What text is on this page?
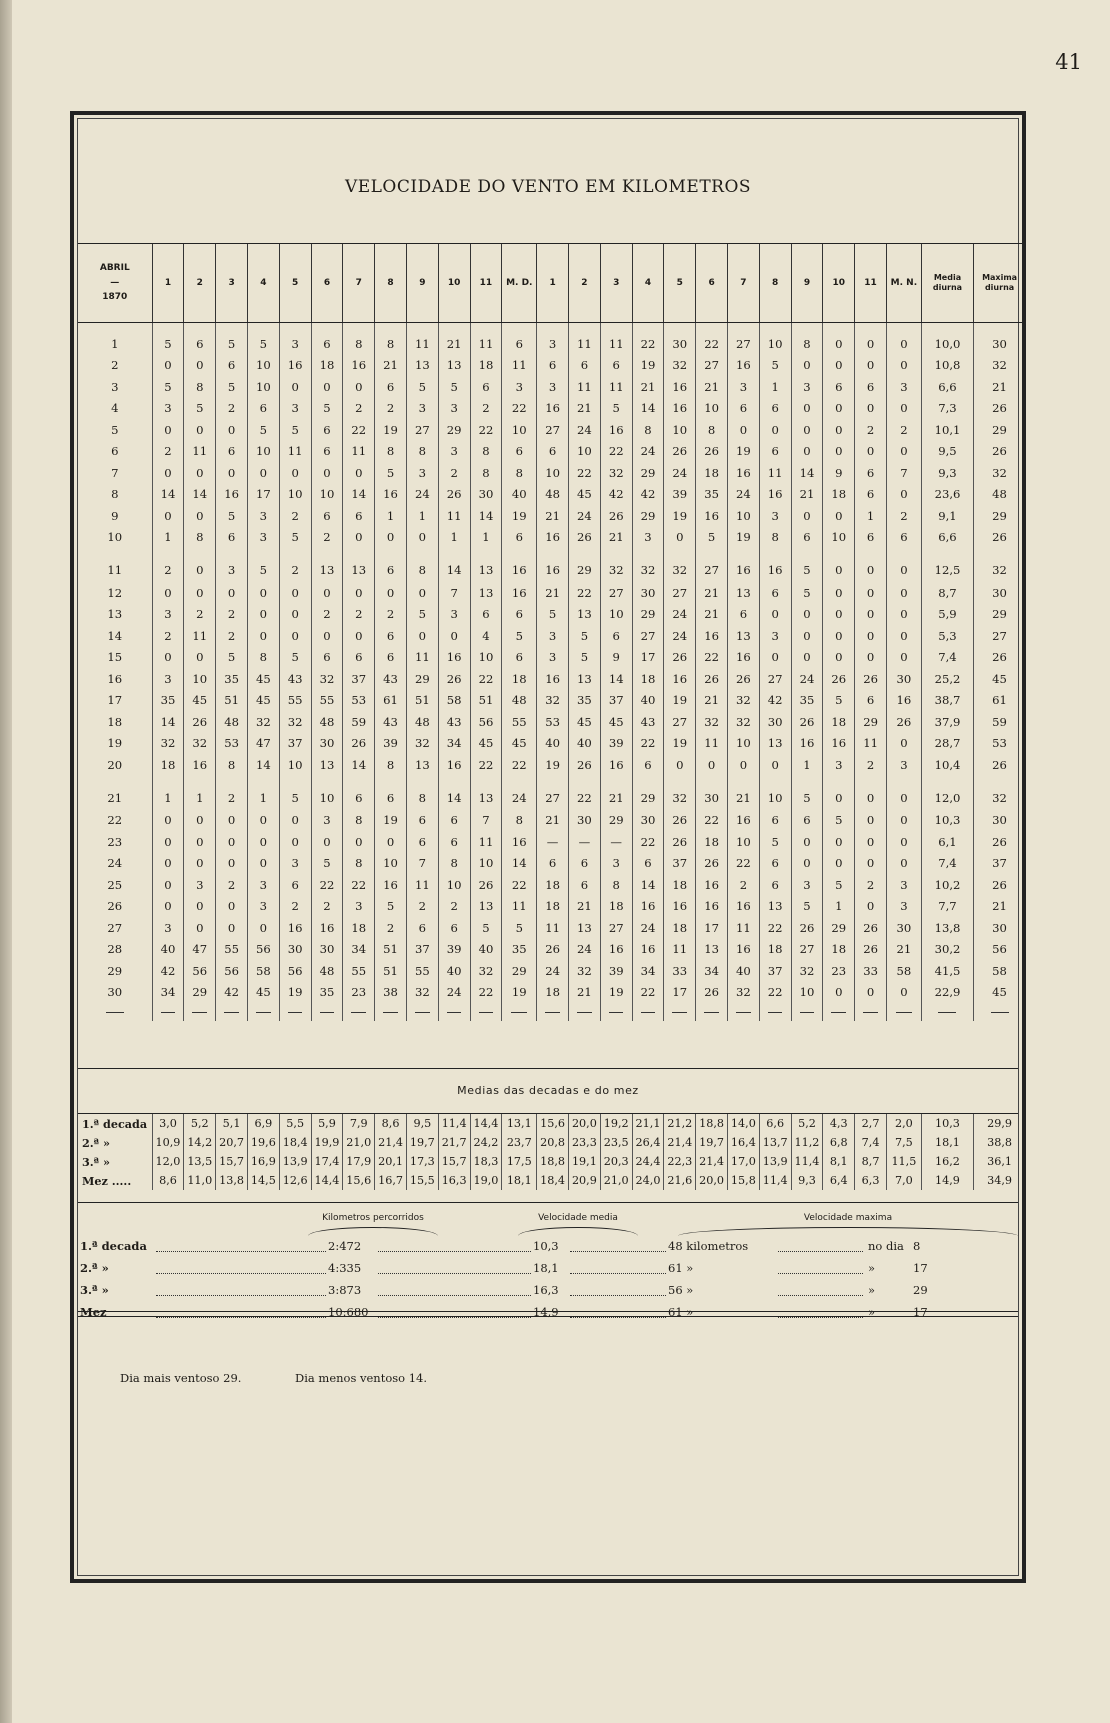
41
VELOCIDADE DO VENTO EM KILOMETROS
ABRIL
—
1870	1	2	3	4	5	6	7	8	9	10	11	M. D.	1	2	3	4	5	6	7	8	9	10	11	M. N.	Media diurna	Maxima diurna

1	5	6	5	5	3	6	8	8	11	21	11	6	3	11	11	22	30	22	27	10	8	0	0	0	10,0	30
2	0	0	6	10	16	18	16	21	13	13	18	11	6	6	6	19	32	27	16	5	0	0	0	0	10,8	32
3	5	8	5	10	0	0	0	6	5	5	6	3	3	11	11	21	16	21	3	1	3	6	6	3	6,6	21
4	3	5	2	6	3	5	2	2	3	3	2	22	16	21	5	14	16	10	6	6	0	0	0	0	7,3	26
5	0	0	0	5	5	6	22	19	27	29	22	10	27	24	16	8	10	8	0	0	0	0	2	2	10,1	29
6	2	11	6	10	11	6	11	8	8	3	8	6	6	10	22	24	26	26	19	6	0	0	0	0	9,5	26
7	0	0	0	0	0	0	0	5	3	2	8	8	10	22	32	29	24	18	16	11	14	9	6	7	9,3	32
8	14	14	16	17	10	10	14	16	24	26	30	40	48	45	42	42	39	35	24	16	21	18	6	0	23,6	48
9	0	0	5	3	2	6	6	1	1	11	14	19	21	24	26	29	19	16	10	3	0	0	1	2	9,1	29
10	1	8	6	3	5	2	0	0	0	1	1	6	16	26	21	3	0	5	19	8	6	10	6	6	6,6	26
11	2	0	3	5	2	13	13	6	8	14	13	16	16	29	32	32	32	27	16	16	5	0	0	0	12,5	32
12	0	0	0	0	0	0	0	0	0	7	13	16	21	22	27	30	27	21	13	6	5	0	0	0	8,7	30
13	3	2	2	0	0	2	2	2	5	3	6	6	5	13	10	29	24	21	6	0	0	0	0	0	5,9	29
14	2	11	2	0	0	0	0	6	0	0	4	5	3	5	6	27	24	16	13	3	0	0	0	0	5,3	27
15	0	0	5	8	5	6	6	6	11	16	10	6	3	5	9	17	26	22	16	0	0	0	0	0	7,4	26
16	3	10	35	45	43	32	37	43	29	26	22	18	16	13	14	18	16	26	26	27	24	26	26	30	25,2	45
17	35	45	51	45	55	55	53	61	51	58	51	48	32	35	37	40	19	21	32	42	35	5	6	16	38,7	61
18	14	26	48	32	32	48	59	43	48	43	56	55	53	45	45	43	27	32	32	30	26	18	29	26	37,9	59
19	32	32	53	47	37	30	26	39	32	34	45	45	40	40	39	22	19	11	10	13	16	16	11	0	28,7	53
20	18	16	8	14	10	13	14	8	13	16	22	22	19	26	16	6	0	0	0	0	1	3	2	3	10,4	26
21	1	1	2	1	5	10	6	6	8	14	13	24	27	22	21	29	32	30	21	10	5	0	0	0	12,0	32
22	0	0	0	0	0	3	8	19	6	6	7	8	21	30	29	30	26	22	16	6	6	5	0	0	10,3	30
23	0	0	0	0	0	0	0	0	6	6	11	16	—	—	—	22	26	18	10	5	0	0	0	0	6,1	26
24	0	0	0	0	3	5	8	10	7	8	10	14	6	6	3	6	37	26	22	6	0	0	0	0	7,4	37
25	0	3	2	3	6	22	22	16	11	10	26	22	18	6	8	14	18	16	2	6	3	5	2	3	10,2	26
26	0	0	0	3	2	2	3	5	2	2	13	11	18	21	18	16	16	16	16	13	5	1	0	3	7,7	21
27	3	0	0	0	16	16	18	2	6	6	5	5	11	13	27	24	18	17	11	22	26	29	26	30	13,8	30
28	40	47	55	56	30	30	34	51	37	39	40	35	26	24	16	16	11	13	16	18	27	18	26	21	30,2	56
29	42	56	56	58	56	48	55	51	55	40	32	29	24	32	39	34	33	34	40	37	32	23	33	58	41,5	58
30	34	29	42	45	19	35	23	38	32	24	22	19	18	21	19	22	17	26	32	22	10	0	0	0	22,9	45

Medias das decadas e do mez
1.ª decada	3,0	5,2	5,1	6,9	5,5	5,9	7,9	8,6	9,5	11,4	14,4	13,1	15,6	20,0	19,2	21,1	21,2	18,8	14,0	6,6	5,2	4,3	2,7	2,0	10,3	29,9
2.ª »	10,9	14,2	20,7	19,6	18,4	19,9	21,0	21,4	19,7	21,7	24,2	23,7	20,8	23,3	23,5	26,4	21,4	19,7	16,4	13,7	11,2	6,8	7,4	7,5	18,1	38,8
3.ª »	12,0	13,5	15,7	16,9	13,9	17,4	17,9	20,1	17,3	15,7	18,3	17,5	18,8	19,1	20,3	24,4	22,3	21,4	17,0	13,9	11,4	8,1	8,7	11,5	16,2	36,1
Mez .....	8,6	11,0	13,8	14,5	12,6	14,4	15,6	16,7	15,5	16,3	19,0	18,1	18,4	20,9	21,0	24,0	21,6	20,0	15,8	11,4	9,3	6,4	6,3	7,0	14,9	34,9
Kilometros percorridos	Velocidade media	Velocidade maxima
1.ª decada	2:472	10,3	48 kilometros	no dia 8
2.ª »	4:335	18,1	61 »	»	17
3.ª »	3:873	16,3	56 »	»	29
Mez	10:680	14,9	61 »	»	17
Dia mais ventoso 29.	Dia menos ventoso 14.
